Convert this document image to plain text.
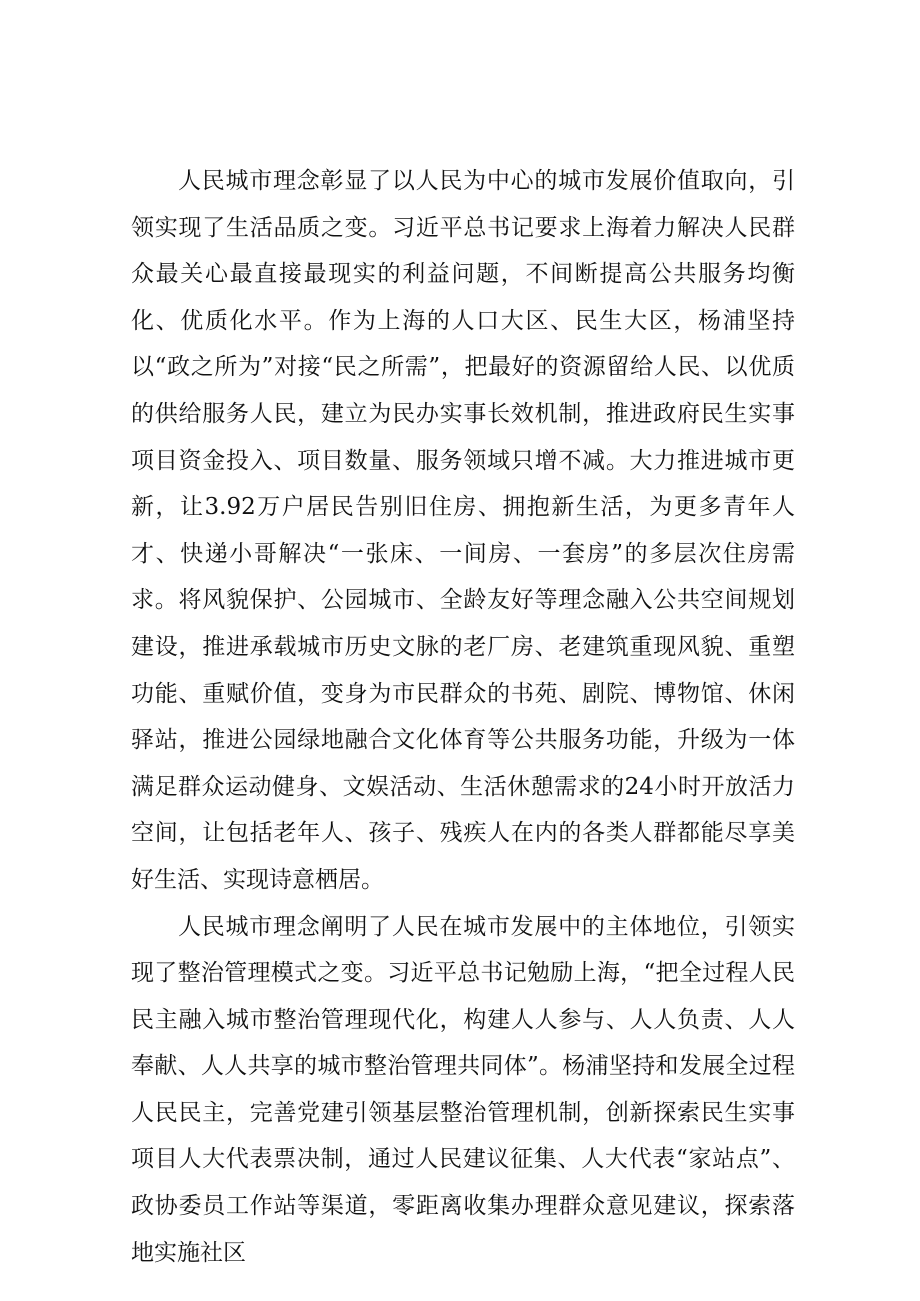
人民城市理念彰显了以人民为中心的城市发展价值取向，引领实现了生活品质之变。习近平总书记要求上海着力解决人民群众最关心最直接最现实的利益问题，不间断提高公共服务均衡化、优质化水平。作为上海的人口大区、民生大区，杨浦坚持以“政之所为”对接“民之所需”，把最好的资源留给人民、以优质的供给服务人民，建立为民办实事长效机制，推进政府民生实事项目资金投入、项目数量、服务领域只增不减。大力推进城市更新，让3.92万户居民告别旧住房、拥抱新生活，为更多青年人才、快递小哥解决“一张床、一间房、一套房”的多层次住房需求。将风貌保护、公园城市、全龄友好等理念融入公共空间规划建设，推进承载城市历史文脉的老厂房、老建筑重现风貌、重塑功能、重赋价值，变身为市民群众的书苑、剧院、博物馆、休闲驿站，推进公园绿地融合文化体育等公共服务功能，升级为一体满足群众运动健身、文娱活动、生活休憩需求的24小时开放活力空间，让包括老年人、孩子、残疾人在内的各类人群都能尽享美好生活、实现诗意栖居。

人民城市理念阐明了人民在城市发展中的主体地位，引领实现了整治管理模式之变。习近平总书记勉励上海，“把全过程人民民主融入城市整治管理现代化，构建人人参与、人人负责、人人奉献、人人共享的城市整治管理共同体”。杨浦坚持和发展全过程人民民主，完善党建引领基层整治管理机制，创新探索民生实事项目人大代表票决制，通过人民建议征集、人大代表“家站点”、政协委员工作站等渠道，零距离收集办理群众意见建议，探索落地实施社区
